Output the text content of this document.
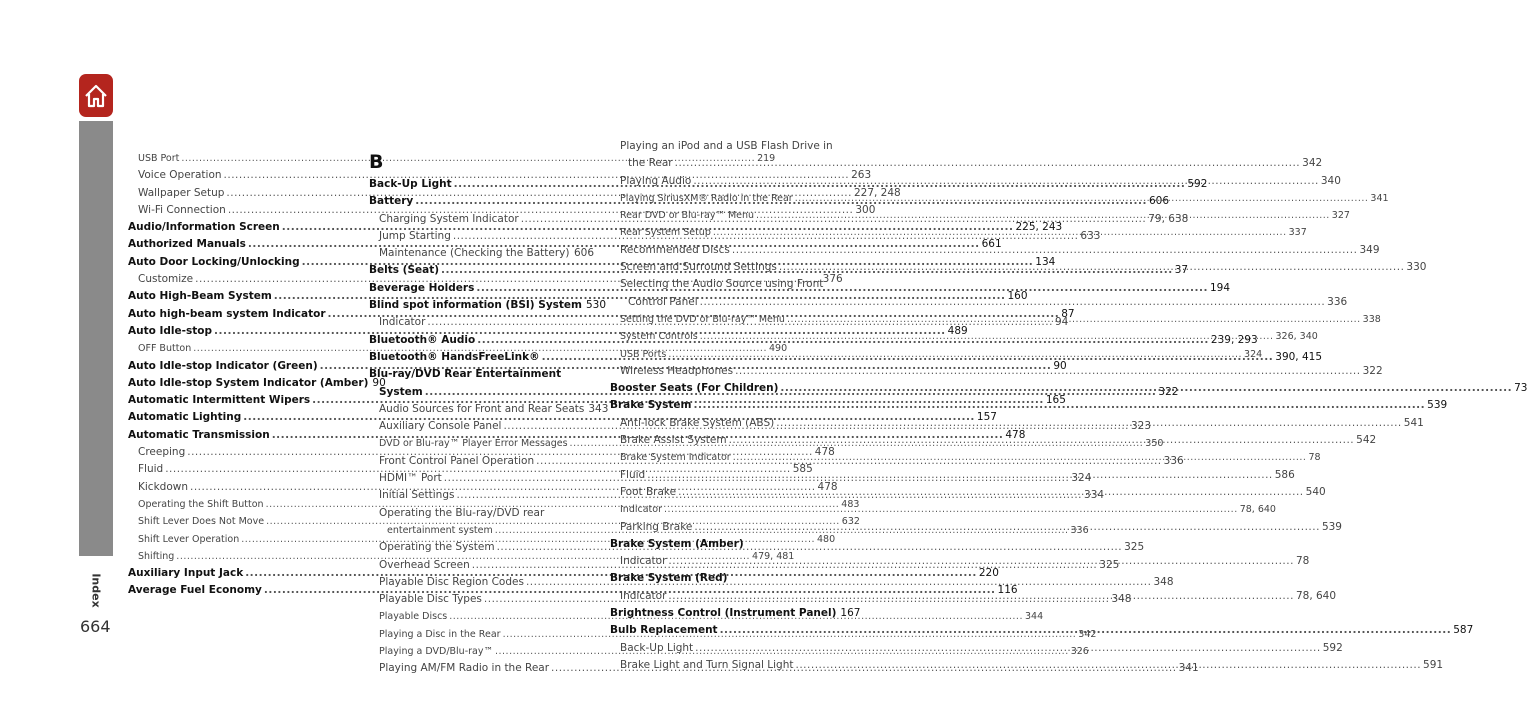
Index
664
USB Port .....	219
Voice Operation .....	263
Wallpaper Setup .....	227, 248
Wi-Fi Connection .....	300
Audio/Information Screen .....	225, 243
Authorized Manuals .....	661
Auto Door Locking/Unlocking .....	134
Customize .....	376
Auto High-Beam System .....	160
Auto high-beam system Indicator .....	87
Auto Idle-stop .....	489
OFF Button .....	490
Auto Idle-stop Indicator (Green) .....	90
Auto Idle-stop System Indicator (Amber) 90
Automatic Intermittent Wipers .....	165
Automatic Lighting .....	157
Automatic Transmission .....	478
Creeping .....	478
Fluid .....	585
Kickdown .....	478
Operating the Shift Button .....	483
Shift Lever Does Not Move .....	632
Shift Lever Operation .....	480
Shifting .....	479, 481
Auxiliary Input Jack .....	220
Average Fuel Economy .....	116
B
Back-Up Light .....	592
Battery .....	606
Charging System Indicator .....	79, 638
Jump Starting .....	633
Maintenance (Checking the Battery) ..... 606
Belts (Seat) .....	37
Beverage Holders .....	194
Blind spot information (BSI) System 530
Indicator .....	94
Bluetooth® Audio .....	239, 293
Bluetooth® HandsFreeLink® .....	390, 415
Blu-ray/DVD Rear Entertainment
System .....	322
Audio Sources for Front and Rear Seats 343
Auxiliary Console Panel .....	323
DVD or Blu-ray™ Player Error Messages .....	350
Front Control Panel Operation .....	336
HDMI™ Port .....	324
Initial Settings .....	334
Operating the Blu-ray/DVD rear
entertainment system .....	336
Operating the System .....	325
Overhead Screen .....	325
Playable Disc Region Codes .....	348
Playable Disc Types .....	348
Playable Discs .....	344
Playing a Disc in the Rear .....	342
Playing a DVD/Blu-ray™ .....	326
Playing AM/FM Radio in the Rear .....	341
Playing an iPod and a USB Flash Drive in
the Rear .....	342
Playing Audio .....	340
Playing SiriusXM® Radio in the Rear .....	341
Rear DVD or Blu-ray™ Menu .....	327
Rear System Setup .....	337
Recommended Discs .....	349
Screen and Surround Settings .....	330
Selecting the Audio Source using Front
Control Panel .....	336
Setting the DVD or Blu-ray™ Menu .....	338
System Controls .....	326, 340
USB Ports .....	324
Wireless Headphones .....	322
Booster Seats (For Children) .....	73
Brake System .....	539
Anti-lock Brake System (ABS) .....	541
Brake Assist System .....	542
Brake System Indicator .....	78
Fluid .....	586
Foot Brake .....	540
Indicator .....	78, 640
Parking Brake .....	539
Brake System (Amber)
Indicator .....	78
Brake System (Red)
Indicator .....	78, 640
Brightness Control (Instrument Panel) 167
Bulb Replacement .....	587
Back-Up Light .....	592
Brake Light and Turn Signal Light .....	591
